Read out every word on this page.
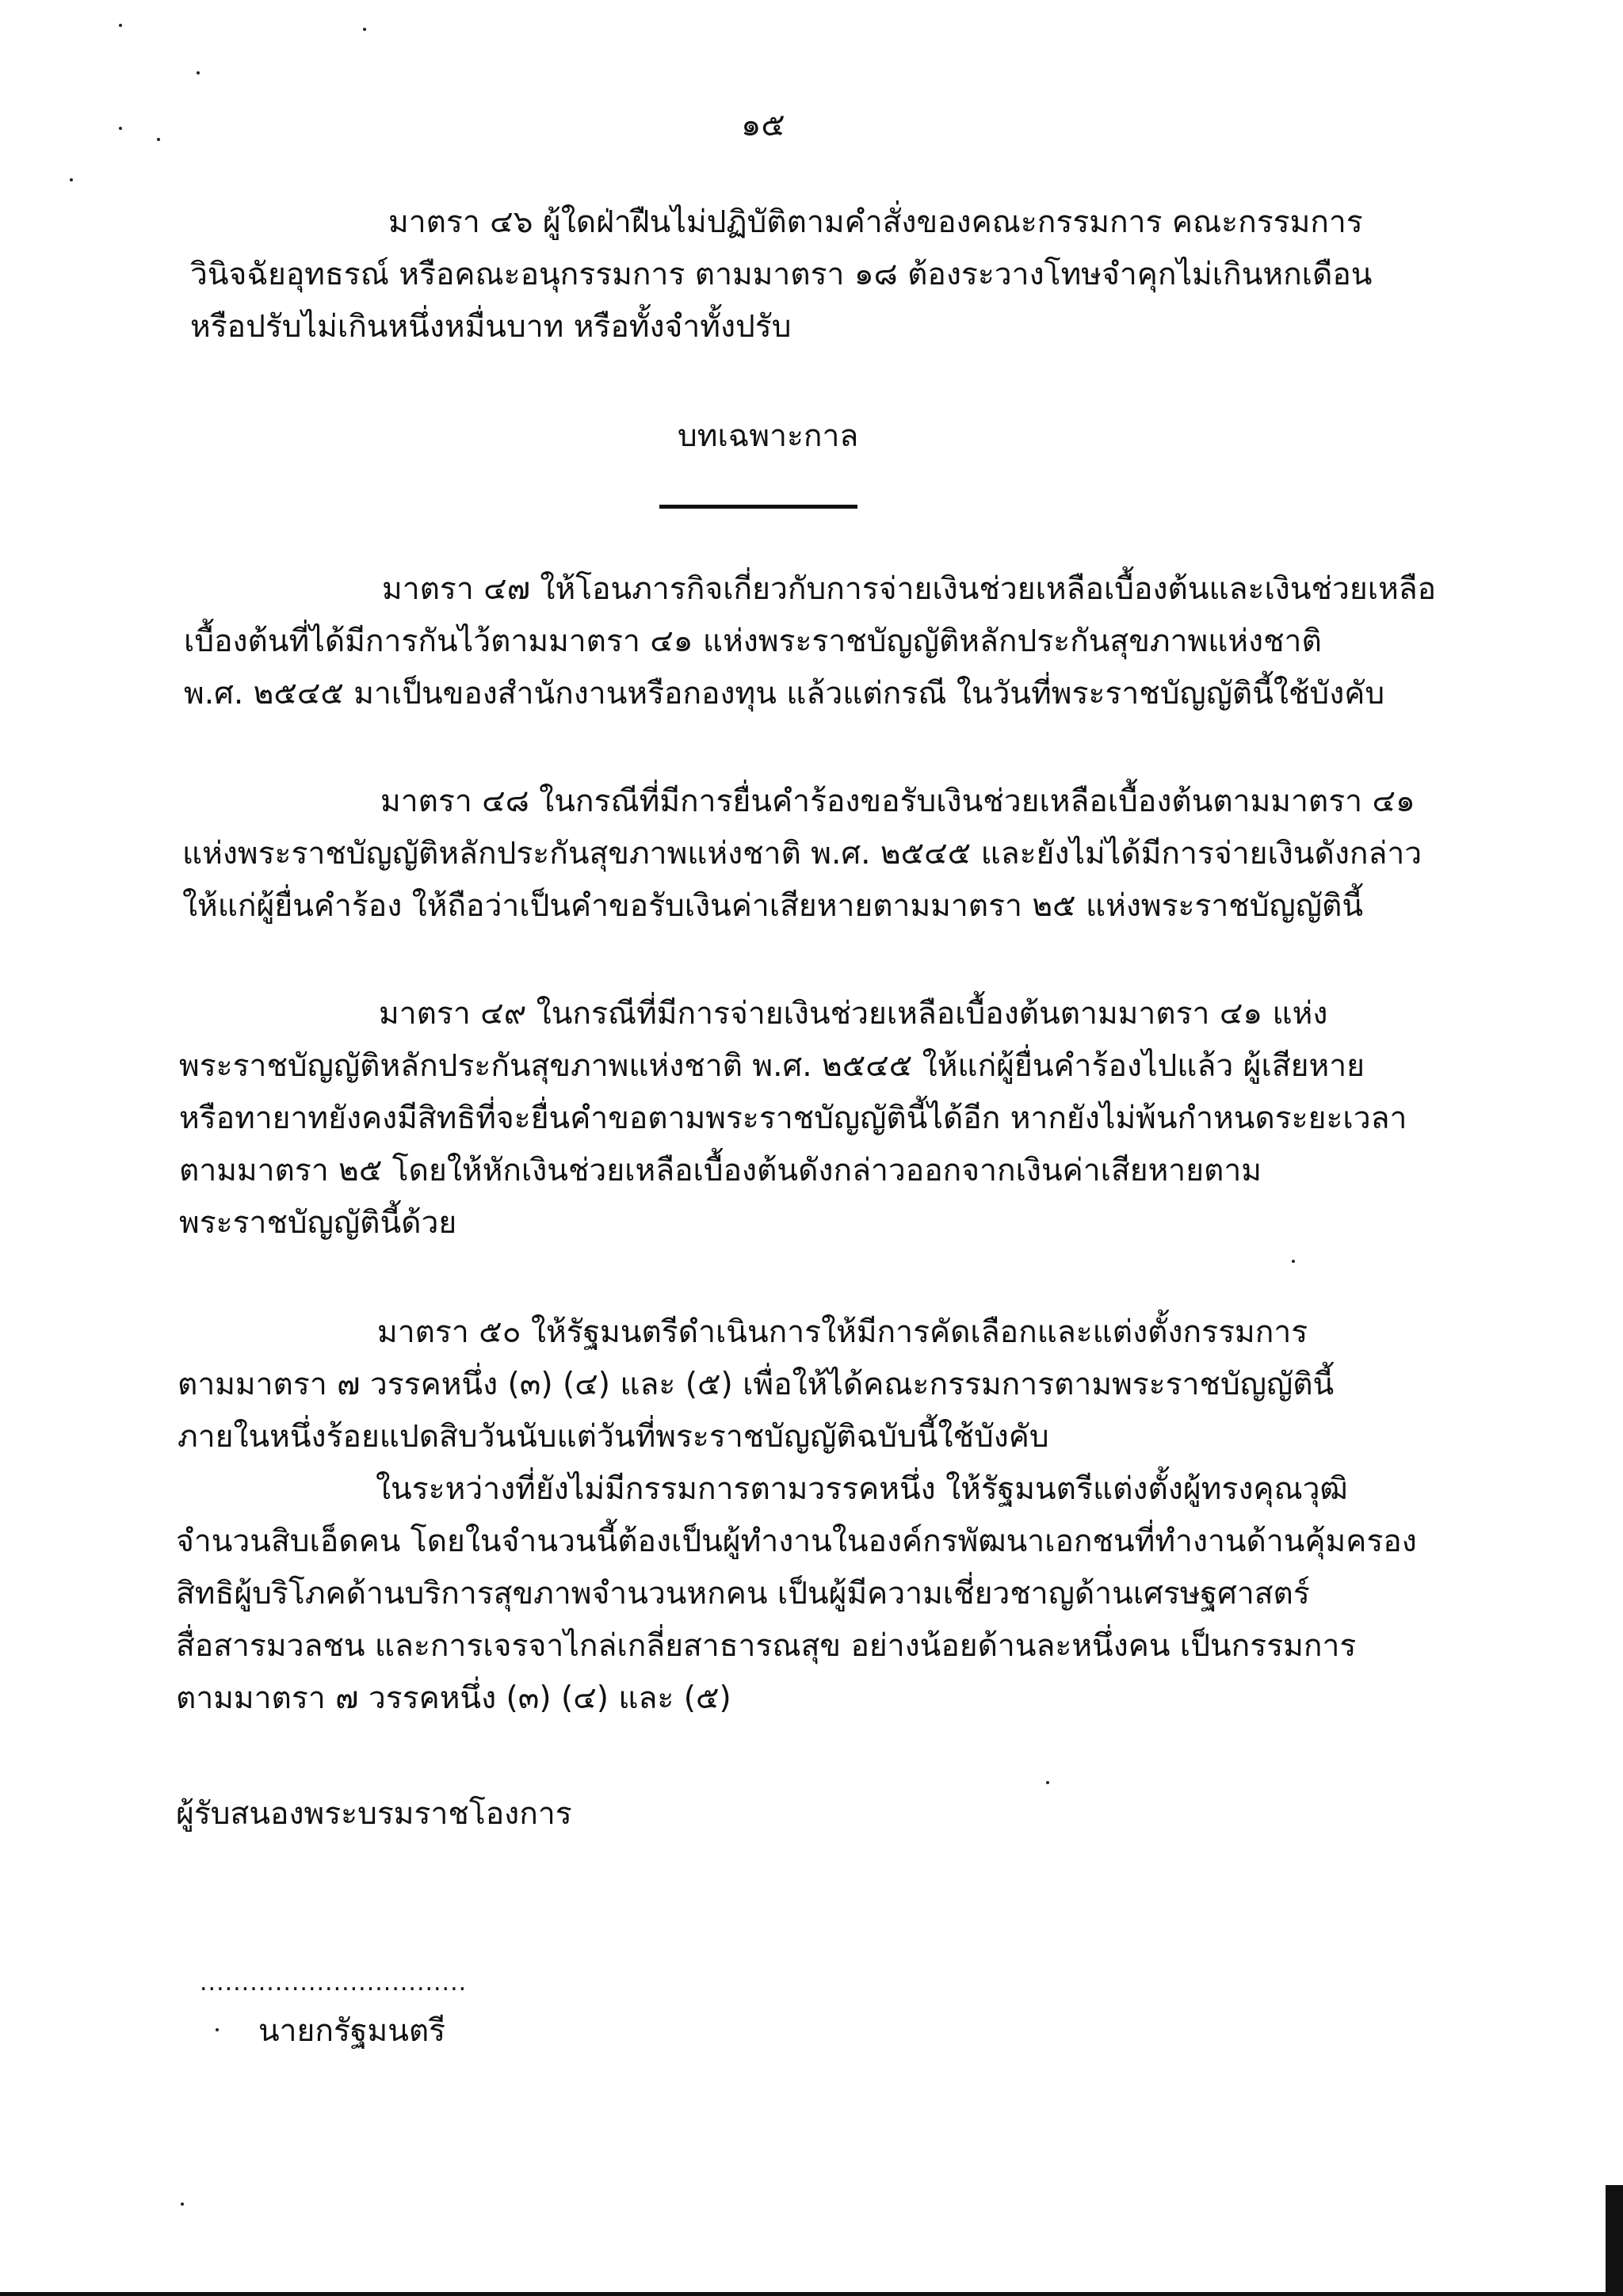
๑๕
มาตรา ๔๖ ผู้ใดฝ่าฝืนไม่ปฏิบัติตามคำสั่งของคณะกรรมการ คณะกรรมการ
วินิจฉัยอุทธรณ์ หรือคณะอนุกรรมการ ตามมาตรา ๑๘ ต้องระวางโทษจำคุกไม่เกินหกเดือน
หรือปรับไม่เกินหนึ่งหมื่นบาท หรือทั้งจำทั้งปรับ
บทเฉพาะกาล
มาตรา ๔๗ ให้โอนภารกิจเกี่ยวกับการจ่ายเงินช่วยเหลือเบื้องต้นและเงินช่วยเหลือ
เบื้องต้นที่ได้มีการกันไว้ตามมาตรา ๔๑ แห่งพระราชบัญญัติหลักประกันสุขภาพแห่งชาติ
พ.ศ. ๒๕๔๕ มาเป็นของสำนักงานหรือกองทุน แล้วแต่กรณี ในวันที่พระราชบัญญัตินี้ใช้บังคับ
มาตรา ๔๘ ในกรณีที่มีการยื่นคำร้องขอรับเงินช่วยเหลือเบื้องต้นตามมาตรา ๔๑
แห่งพระราชบัญญัติหลักประกันสุขภาพแห่งชาติ พ.ศ. ๒๕๔๕ และยังไม่ได้มีการจ่ายเงินดังกล่าว
ให้แก่ผู้ยื่นคำร้อง ให้ถือว่าเป็นคำขอรับเงินค่าเสียหายตามมาตรา ๒๕ แห่งพระราชบัญญัตินี้
มาตรา ๔๙ ในกรณีที่มีการจ่ายเงินช่วยเหลือเบื้องต้นตามมาตรา ๔๑ แห่ง
พระราชบัญญัติหลักประกันสุขภาพแห่งชาติ พ.ศ. ๒๕๔๕ ให้แก่ผู้ยื่นคำร้องไปแล้ว ผู้เสียหาย
หรือทายาทยังคงมีสิทธิที่จะยื่นคำขอตามพระราชบัญญัตินี้ได้อีก หากยังไม่พ้นกำหนดระยะเวลา
ตามมาตรา ๒๕ โดยให้หักเงินช่วยเหลือเบื้องต้นดังกล่าวออกจากเงินค่าเสียหายตาม
พระราชบัญญัตินี้ด้วย
มาตรา ๕๐ ให้รัฐมนตรีดำเนินการให้มีการคัดเลือกและแต่งตั้งกรรมการ
ตามมาตรา ๗ วรรคหนึ่ง (๓) (๔) และ (๕) เพื่อให้ได้คณะกรรมการตามพระราชบัญญัตินี้
ภายในหนึ่งร้อยแปดสิบวันนับแต่วันที่พระราชบัญญัติฉบับนี้ใช้บังคับ
ในระหว่างที่ยังไม่มีกรรมการตามวรรคหนึ่ง ให้รัฐมนตรีแต่งตั้งผู้ทรงคุณวุฒิ
จำนวนสิบเอ็ดคน โดยในจำนวนนี้ต้องเป็นผู้ทำงานในองค์กรพัฒนาเอกชนที่ทำงานด้านคุ้มครอง
สิทธิผู้บริโภคด้านบริการสุขภาพจำนวนหกคน เป็นผู้มีความเชี่ยวชาญด้านเศรษฐศาสตร์
สื่อสารมวลชน และการเจรจาไกล่เกลี่ยสาธารณสุข อย่างน้อยด้านละหนึ่งคน เป็นกรรมการ
ตามมาตรา ๗ วรรคหนึ่ง (๓) (๔) และ (๕)
ผู้รับสนองพระบรมราชโองการ
................................
นายกรัฐมนตรี
